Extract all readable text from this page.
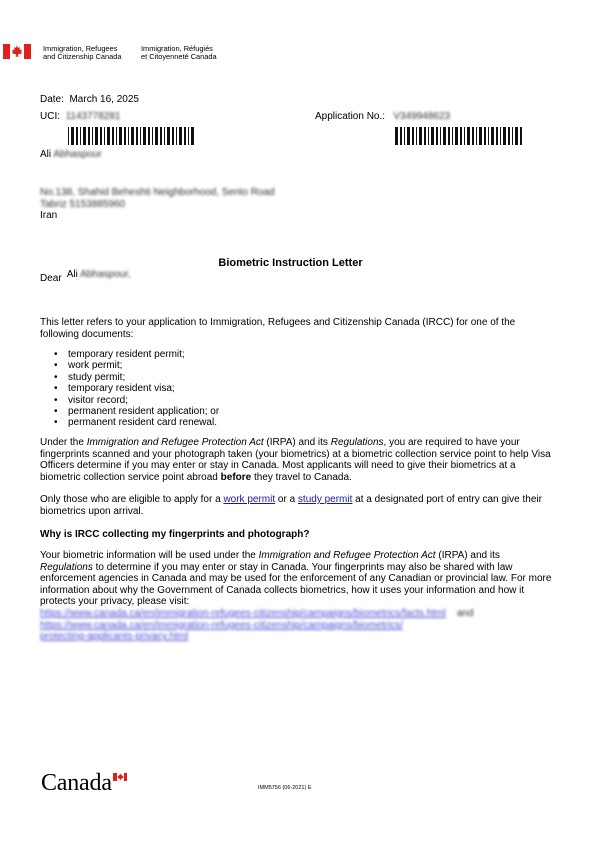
Immigration, Refugees
and Citizenship Canada
Immigration, Réfugiés
et Citoyenneté Canada
Date: March 16, 2025
UCI: 1143778281	Application No.: V349948623
Ali Abhaspour
No.138, Shahid Beheshti Neighborhood, Sento Road
Tabriz 5153885960
Iran
Biometric Instruction Letter
Dear Ali Abhaspour,
This letter refers to your application to Immigration, Refugees and Citizenship Canada (IRCC) for one of the following documents:
• temporary resident permit;
• work permit;
• study permit;
• temporary resident visa;
• visitor record;
• permanent resident application; or
• permanent resident card renewal.
Under the Immigration and Refugee Protection Act (IRPA) and its Regulations, you are required to have your fingerprints scanned and your photograph taken (your biometrics) at a biometric collection service point to help Visa Officers determine if you may enter or stay in Canada. Most applicants will need to give their biometrics at a biometric collection service point abroad before they travel to Canada.
Only those who are eligible to apply for a work permit or a study permit at a designated port of entry can give their biometrics upon arrival.
Why is IRCC collecting my fingerprints and photograph?
Your biometric information will be used under the Immigration and Refugee Protection Act (IRPA) and its Regulations to determine if you may enter or stay in Canada. Your fingerprints may also be shared with law enforcement agencies in Canada and may be used for the enforcement of any Canadian or provincial law. For more information about why the Government of Canada collects biometrics, how it uses your information and how it protects your privacy, please visit:
https://www.canada.ca/en/immigration-refugees-citizenship/campaigns/biometrics/facts.html and
https://www.canada.ca/en/immigration-refugees-citizenship/campaigns/biometrics/
protecting-applicants-privacy.html
Canada	IMM5756 (06-2021) E
